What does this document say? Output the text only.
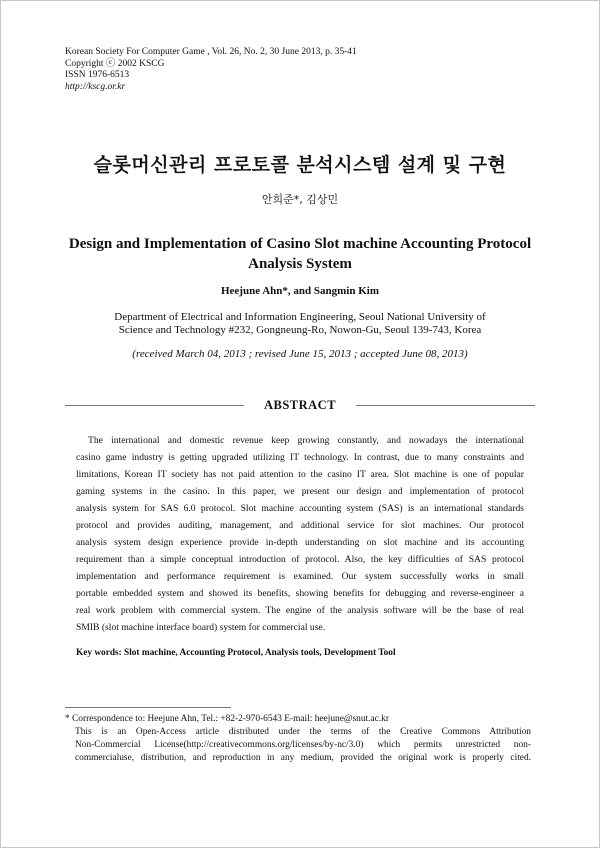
Korean Society For Computer Game , Vol. 26, No. 2, 30 June 2013, p. 35-41
Copyright ⓒ 2002 KSCG
ISSN 1976-6513
http://kscg.or.kr
슬롯머신관리 프로토콜 분석시스템 설계 및 구현
안희준*, 김상민
Design and Implementation of Casino Slot machine Accounting Protocol Analysis System
Heejune Ahn*, and Sangmin Kim
Department of Electrical and Information Engineering, Seoul National University of
Science and Technology #232, Gongneung-Ro, Nowon-Gu, Seoul 139-743, Korea
(received March 04, 2013 ; revised June 15, 2013 ; accepted June 08, 2013)
ABSTRACT
The international and domestic revenue keep growing constantly, and nowadays the international
casino game industry is getting upgraded utilizing IT technology. In contrast, due to many constraints and
limitations, Korean IT society has not paid attention to the casino IT area. Slot machine is one of popular
gaming systems in the casino. In this paper, we present our design and implementation of protocol
analysis system for SAS 6.0 protocol. Slot machine accounting system (SAS) is an international standards
protocol and provides auditing, management, and additional service for slot machines. Our protocol
analysis system design experience provide in-depth understanding on slot machine and its accounting
requirement than a simple conceptual introduction of protocol. Also, the key difficulties of SAS protocol
implementation and performance requirement is examined. Our system successfully works in small
portable embedded system and showed its benefits, showing benefits for debugging and reverse-engineer a
real work problem with commercial system. The engine of the analysis software will be the base of real
SMIB (slot machine interface board) system for commercial use.
Key words: Slot machine, Accounting Protocol, Analysis tools, Development Tool
* Correspondence to: Heejune Ahn, Tel.: +82-2-970-6543 E-mail: heejune@snut.ac.kr
This is an Open-Access article distributed under the terms of the Creative Commons Attribution
Non-Commercial License(http://creativecommons.org/licenses/by-nc/3.0) which permits unrestricted non-
commercialuse, distribution, and reproduction in any medium, provided the original work is properly cited.
